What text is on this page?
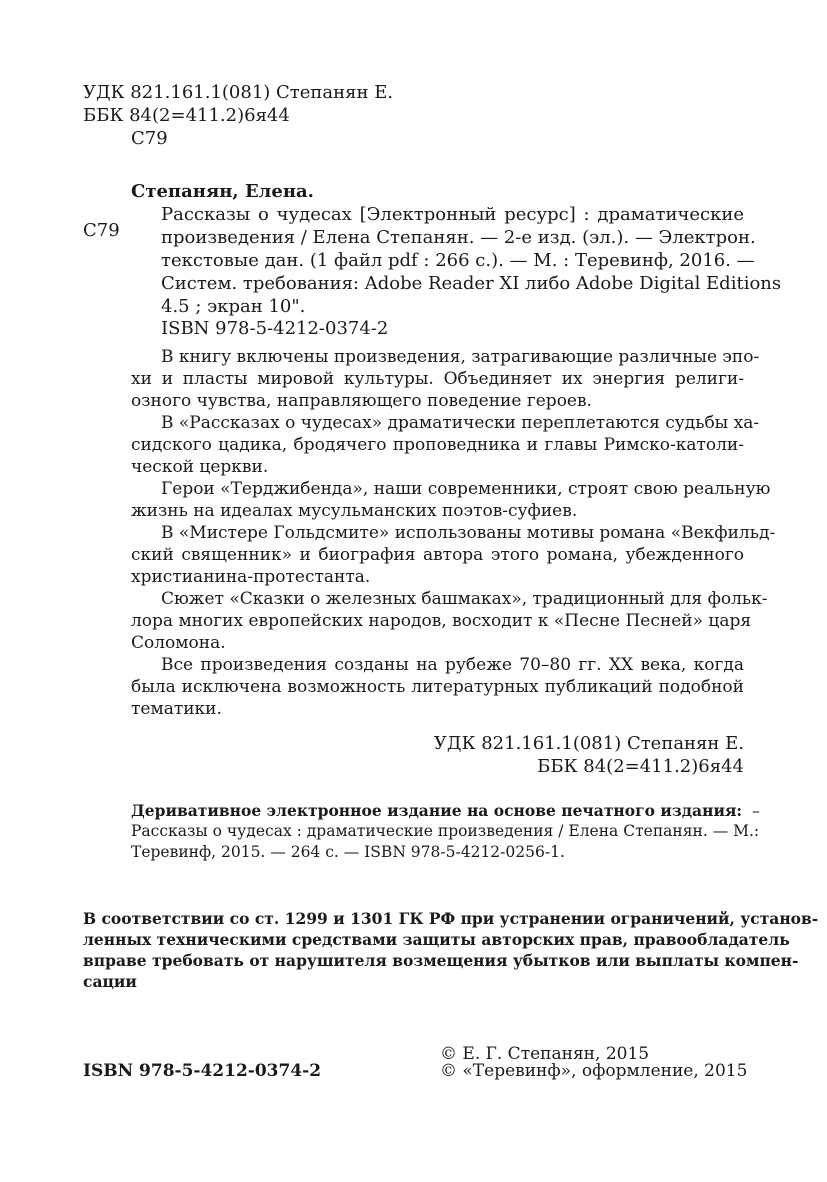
УДК 821.161.1(081) Степанян Е.
ББК 84(2=411.2)6я44
С79
Степанян, Елена.
С79
Рассказы о чудесах [Электронный ресурс] : драматические
произведения / Елена Степанян. — 2-е изд. (эл.). — Электрон.
текстовые дан. (1 файл pdf : 266 с.). — М. : Теревинф, 2016. —
Систем. требования: Adobe Reader XI либо Adobe Digital Editions
4.5 ; экран 10".
ISBN 978-5-4212-0374-2
В книгу включены произведения, затрагивающие различные эпо-
хи и пласты мировой культуры. Объединяет их энергия религи-
озного чувства, направляющего поведение героев.
В «Рассказах о чудесах» драматически переплетаются судьбы ха-
сидского цадика, бродячего проповедника и главы Римско-католи-
ческой церкви.
Герои «Терджибенда», наши современники, строят свою реальную
жизнь на идеалах мусульманских поэтов-суфиев.
В «Мистере Гольдсмите» использованы мотивы романа «Векфильд-
ский священник» и биография автора этого романа, убежденного
христианина-протестанта.
Сюжет «Сказки о железных башмаках», традиционный для фольк-
лора многих европейских народов, восходит к «Песне Песней» царя
Соломона.
Все произведения созданы на рубеже 70–80 гг. XX века, когда
была исключена возможность литературных публикаций подобной
тематики.
УДК 821.161.1(081) Степанян Е.
ББК 84(2=411.2)6я44
Деривативное электронное издание на основе печатного издания: –
Рассказы о чудесах : драматические произведения / Елена Степанян. — М.:
Теревинф, 2015. — 264 с. — ISBN 978-5-4212-0256-1.
В соответствии со ст. 1299 и 1301 ГК РФ при устранении ограничений, установ-
ленных техническими средствами защиты авторских прав, правообладатель
вправе требовать от нарушителя возмещения убытков или выплаты компен-
сации
© Е. Г. Степанян, 2015
ISBN 978-5-4212-0374-2	© «Теревинф», оформление, 2015
